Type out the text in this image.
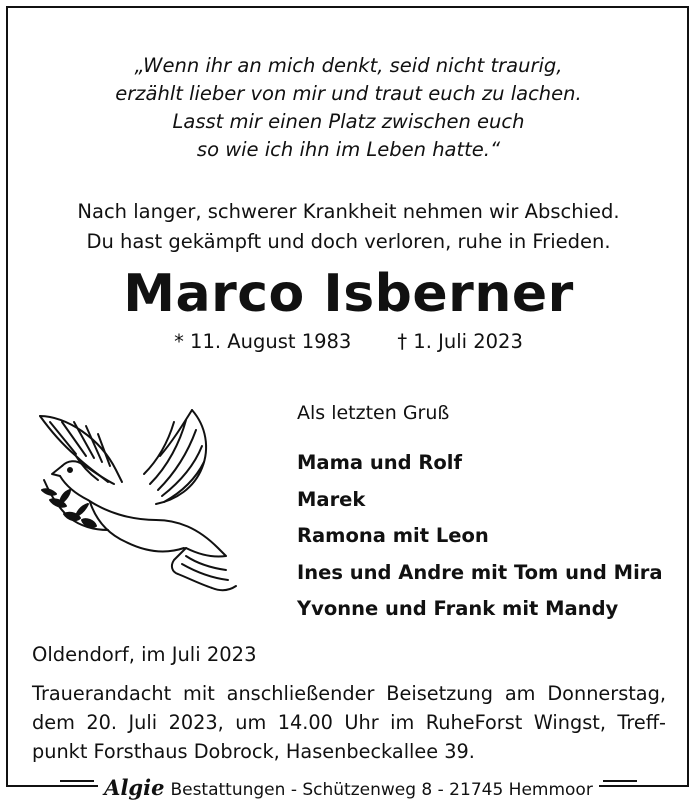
„Wenn ihr an mich denkt, seid nicht traurig,
erzählt lieber von mir und traut euch zu lachen.
Lasst mir einen Platz zwischen euch
so wie ich ihn im Leben hatte.“
Nach langer, schwerer Krankheit nehmen wir Abschied.
Du hast gekämpft und doch verloren, ruhe in Frieden.
Marco Isberner
* 11. August 1983 † 1. Juli 2023
Als letzten Gruß
Mama und Rolf
Marek
Ramona mit Leon
Ines und Andre mit Tom und Mira
Yvonne und Frank mit Mandy
Oldendorf, im Juli 2023
Trauerandacht mit anschließender Beisetzung am Donnerstag, dem 20. Juli 2023, um 14.00 Uhr im RuheForst Wingst, Treff-punkt Forsthaus Dobrock, Hasenbeckallee 39.
Algie Bestattungen - Schützenweg 8 - 21745 Hemmoor
